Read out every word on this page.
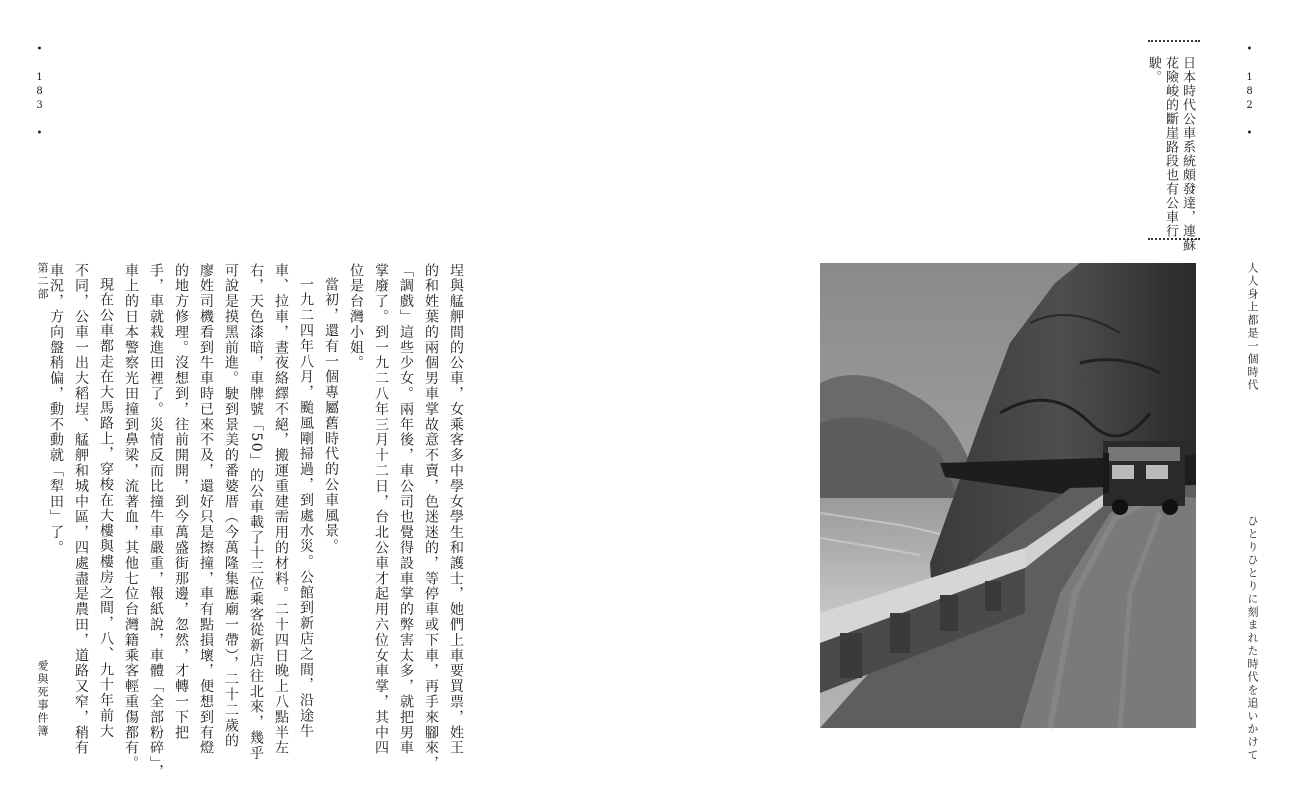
• 183 •
第二部
愛與死事件簿	埕與艋舺間的公車，女乘客多中學女學生和護士，她們上車要買票，姓王

的和姓葉的兩個男車掌故意不賣，色迷迷的，等停車或下車，再手來腳來，

「調戲」這些少女。兩年後，車公司也覺得設車掌的弊害太多，就把男車

掌廢了。到一九二八年三月十二日，台北公車才起用六位女車掌，其中四

位是台灣小姐。

當初，還有一個專屬舊時代的公車風景。

一九二四年八月，颱風剛掃過，到處水災。公館到新店之間，沿途牛

車、拉車，晝夜絡繹不絕，搬運重建需用的材料。二十四日晚上八點半左

右，天色漆暗，車牌號「50」的公車載了十三位乘客從新店往北來，幾乎

可說是摸黑前進。駛到景美的番婆厝（今萬隆集應廟一帶），二十二歲的

廖姓司機看到牛車時已來不及，還好只是擦撞，車有點損壞，便想到有燈

的地方修理。沒想到，往前開開，到今萬盛街那邊，忽然，才轉一下把

手，車就栽進田裡了。災情反而比撞牛車嚴重，報紙說，車體「全部粉碎」，

車上的日本警察光田撞到鼻梁，流著血，其他七位台灣籍乘客輕重傷都有。

現在公車都走在大馬路上，穿梭在大樓與樓房之間，八、九十年前大

不同，公車一出大稻埕、艋舺和城中區，四處盡是農田，道路又窄，稍有

車況，方向盤稍偏，動不動就「犁田」了。

• 182 •
日本時代公車系統頗發達，連蘇
花險峻的斷崖路段也有公車行
駛。
人人身上都是一個時代
ひとりひとりに刻まれた時代を追いかけて
